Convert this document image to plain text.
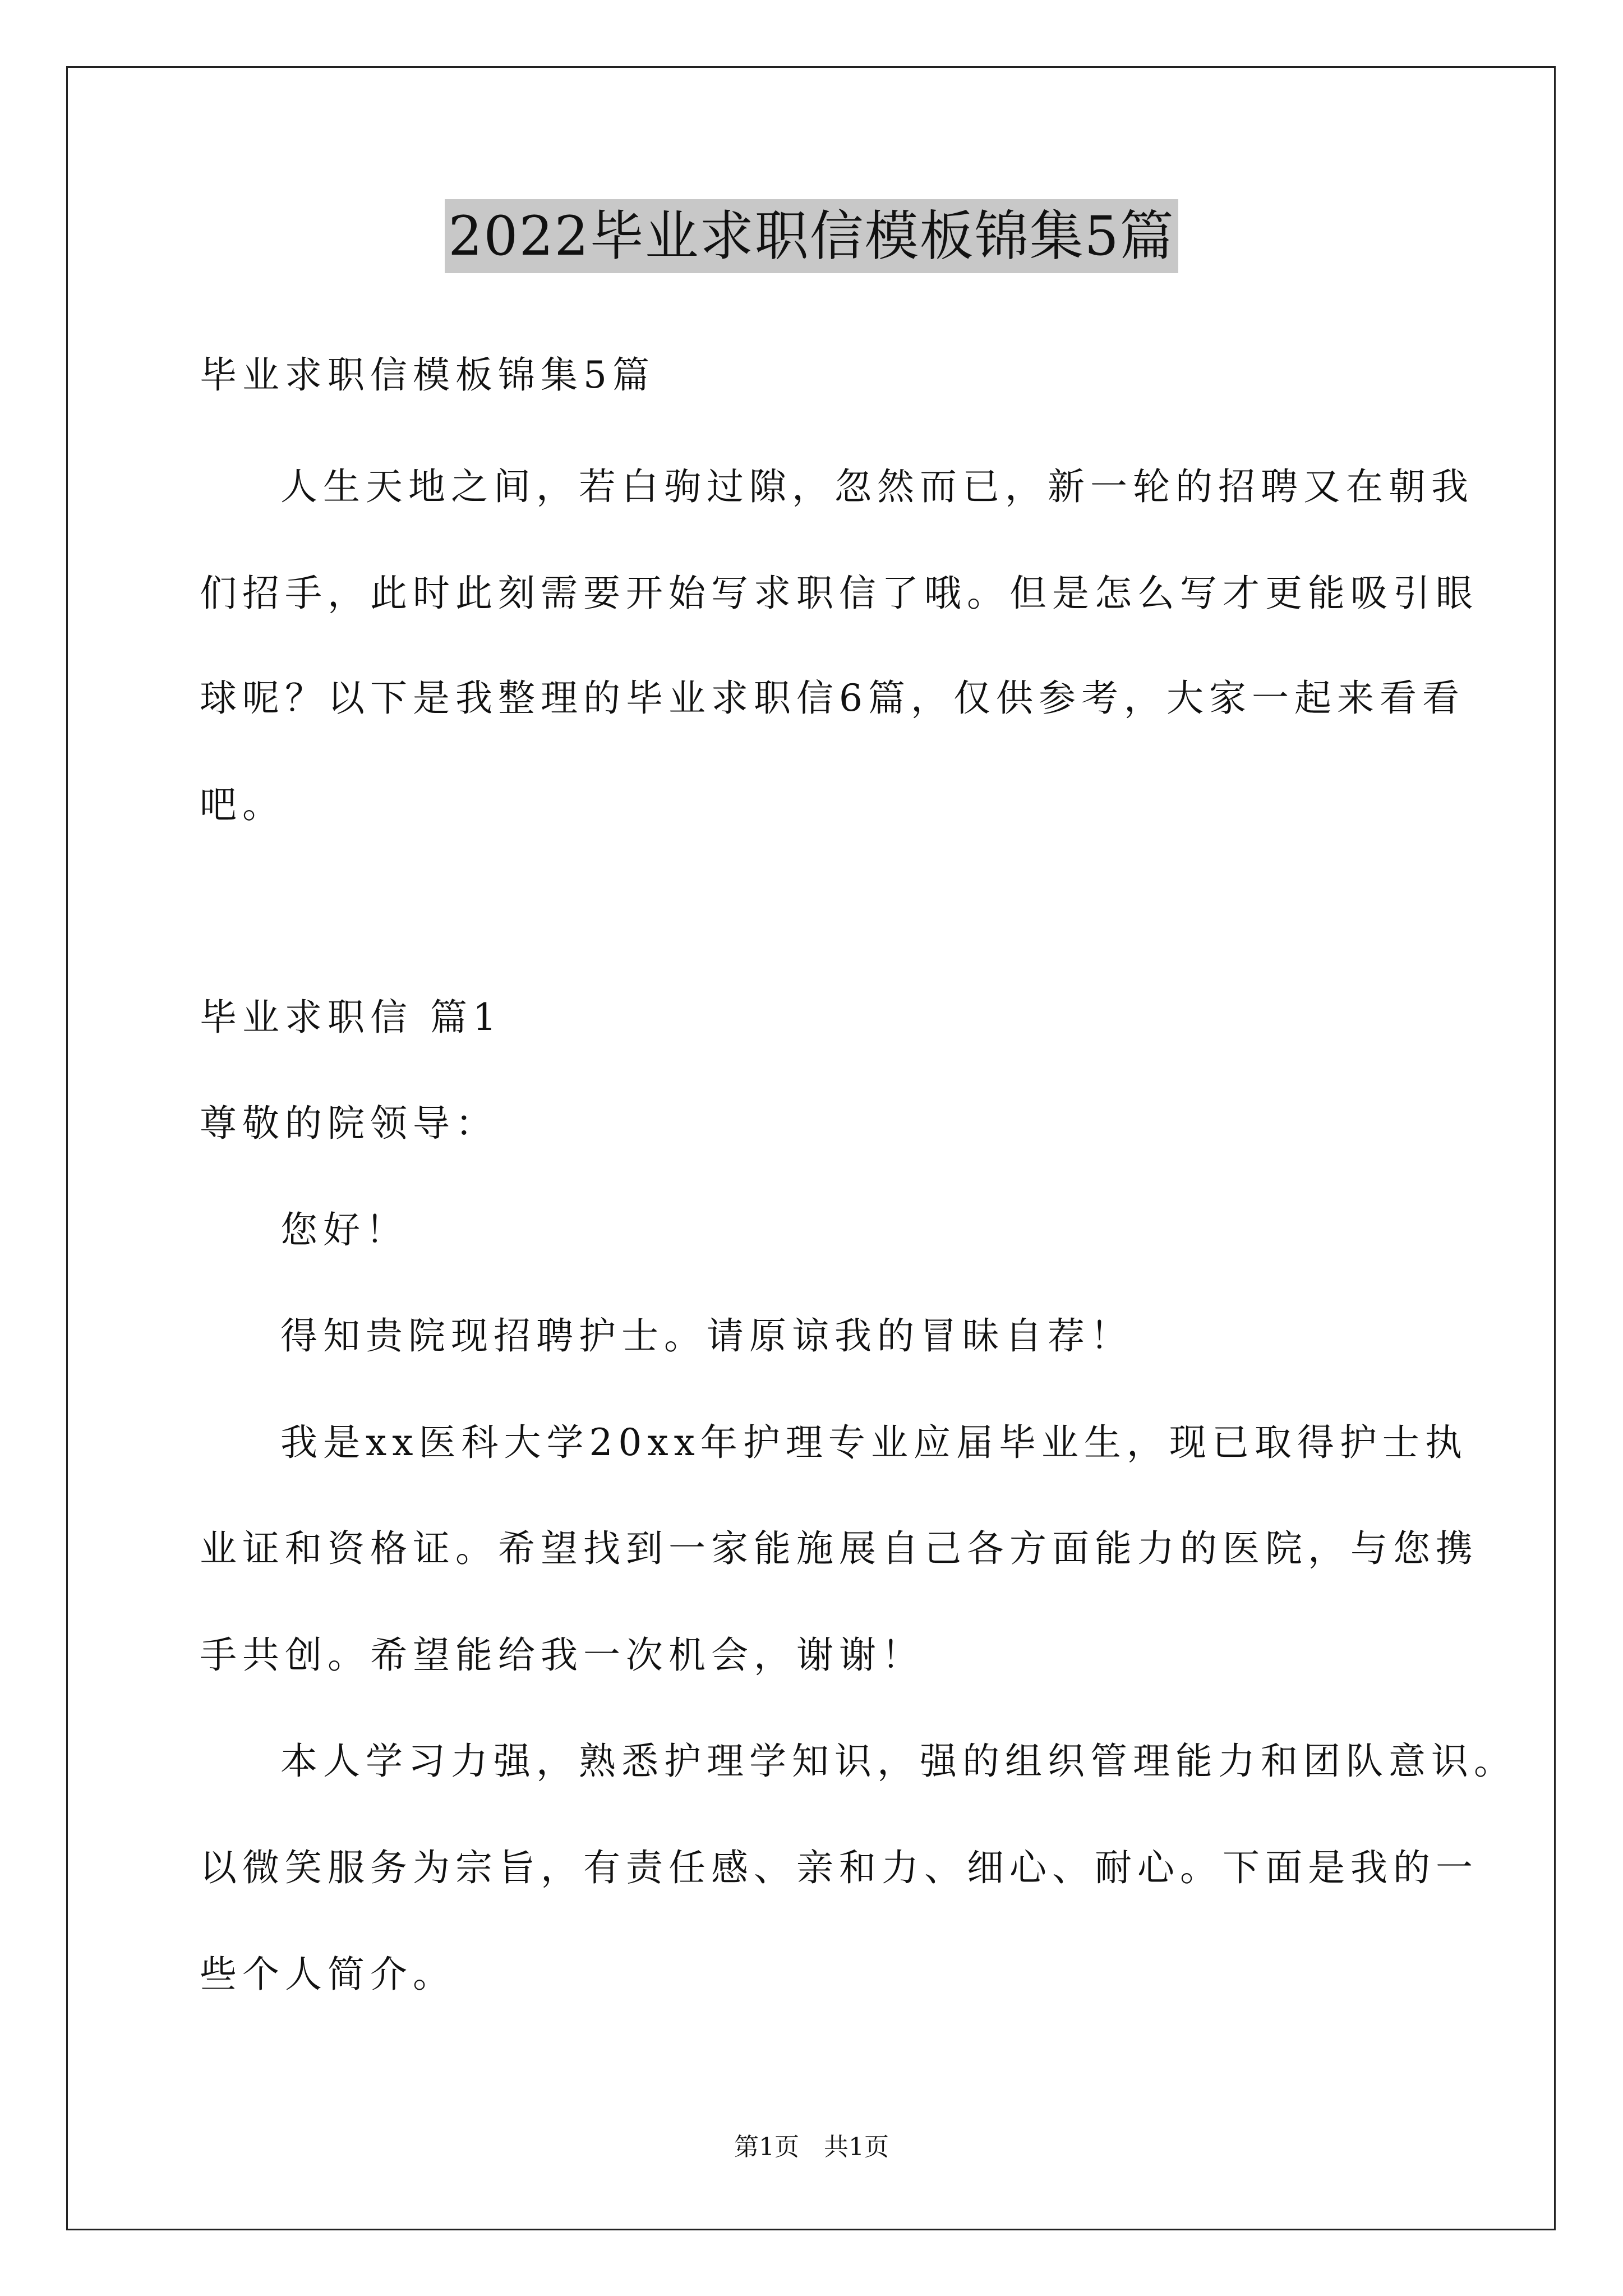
2022毕业求职信模板锦集5篇
毕业求职信模板锦集5篇
人生天地之间，若白驹过隙，忽然而已，新一轮的招聘又在朝我
们招手，此时此刻需要开始写求职信了哦。但是怎么写才更能吸引眼
球呢？以下是我整理的毕业求职信6篇，仅供参考，大家一起来看看
吧。
毕业求职信 篇1
尊敬的院领导：
您好！
得知贵院现招聘护士。请原谅我的冒昧自荐！
我是xx医科大学20xx年护理专业应届毕业生，现已取得护士执
业证和资格证。希望找到一家能施展自己各方面能力的医院，与您携
手共创。希望能给我一次机会，谢谢！
本人学习力强，熟悉护理学知识，强的组织管理能力和团队意识。
以微笑服务为宗旨，有责任感、亲和力、细心、耐心。下面是我的一
些个人简介。
第1页 共1页
